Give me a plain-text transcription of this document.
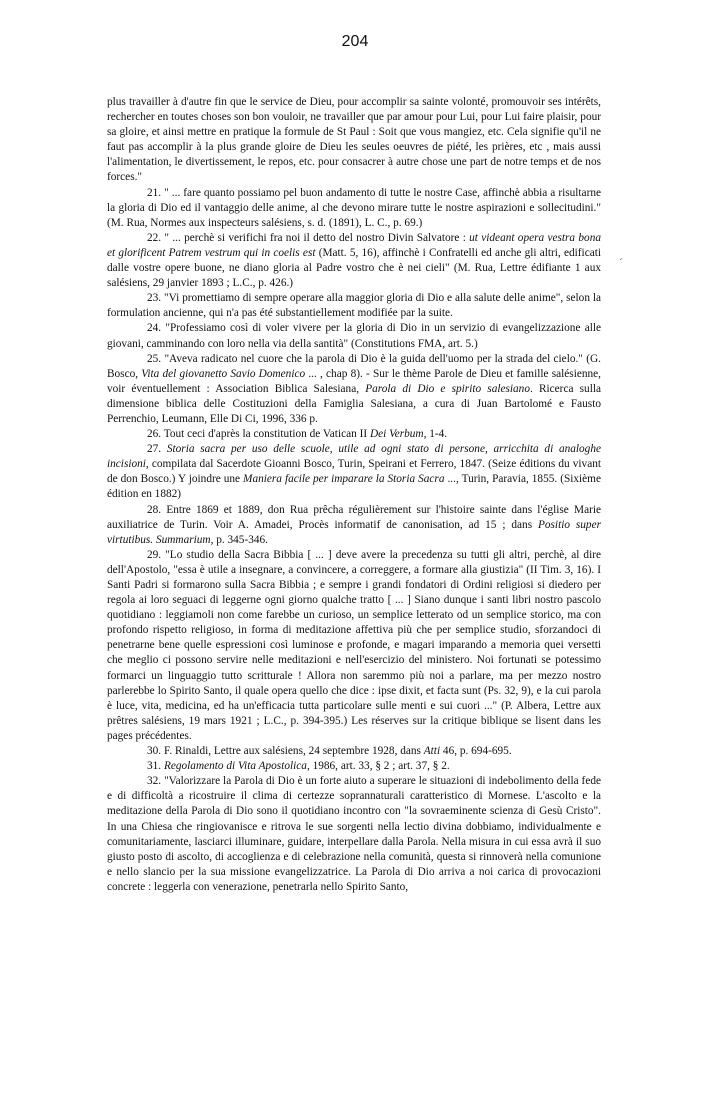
204
´

plus travailler à d'autre fin que le service de Dieu, pour accomplir sa sainte volonté, promouvoir ses intérêts, rechercher en toutes choses son bon vouloir, ne travailler que par amour pour Lui, pour Lui faire plaisir, pour sa gloire, et ainsi mettre en pratique la formule de St Paul : Soit que vous mangiez, etc. Cela signifie qu'il ne faut pas accomplir à la plus grande gloire de Dieu les seules oeuvres de piété, les prières, etc , mais aussi l'alimentation, le divertissement, le repos, etc. pour consacrer à autre chose une part de notre temps et de nos forces."

21. " ... fare quanto possiamo pel buon andamento di tutte le nostre Case, affinchè abbia a risultarne la gloria di Dio ed il vantaggio delle anime, al che devono mirare tutte le nostre aspirazioni e sollecitudini." (M. Rua, Normes aux inspecteurs salésiens, s. d. (1891), L. C., p. 69.)

22. " ... perchè si verifichi fra noi il detto del nostro Divin Salvatore : ut videant opera vestra bona et glorificent Patrem vestrum qui in coelis est (Matt. 5, 16), affinchè i Confratelli ed anche gli altri, edificati dalle vostre opere buone, ne diano gloria al Padre vostro che è nei cieli" (M. Rua, Lettre édifiante 1 aux salésiens, 29 janvier 1893 ; L.C., p. 426.)

23. "Vi promettiamo di sempre operare alla maggior gloria di Dio e alla salute delle anime", selon la formulation ancienne, qui n'a pas été substantiellement modifiée par la suite.

24. "Professiamo così di voler vivere per la gloria di Dio in un servizio di evangelizzazione alle giovani, camminando con loro nella via della santità" (Constitutions FMA, art. 5.)

25. "Aveva radicato nel cuore che la parola di Dio è la guida dell'uomo per la strada del cielo." (G. Bosco, Vita del giovanetto Savio Domenico ... , chap 8). - Sur le thème Parole de Dieu et famille salésienne, voir éventuellement : Association Biblica Salesiana, Parola di Dio e spirito salesiano. Ricerca sulla dimensione biblica delle Costituzioni della Famiglia Salesiana, a cura di Juan Bartolomé e Fausto Perrenchio, Leumann, Elle Di Ci, 1996, 336 p.

26. Tout ceci d'après la constitution de Vatican II Dei Verbum, 1-4.

27. Storia sacra per uso delle scuole, utile ad ogni stato di persone, arricchita di analoghe incisioni, compilata dal Sacerdote Gioanni Bosco, Turin, Speirani et Ferrero, 1847. (Seize éditions du vivant de don Bosco.) Y joindre une Maniera facile per imparare la Storia Sacra ..., Turin, Paravia, 1855. (Sixième édition en 1882)

28. Entre 1869 et 1889, don Rua prêcha régulièrement sur l'histoire sainte dans l'église Marie auxiliatrice de Turin. Voir A. Amadei, Procès informatif de canonisation, ad 15 ; dans Positio super virtutibus. Summarium, p. 345-346.

29. "Lo studio della Sacra Bibbia [ ... ] deve avere la precedenza su tutti gli altri, perchè, al dire dell'Apostolo, "essa è utile a insegnare, a convincere, a correggere, a formare alla giustizia" (II Tim. 3, 16). I Santi Padri si formarono sulla Sacra Bibbia ; e sempre i grandi fondatori di Ordini religiosi si diedero per regola ai loro seguaci di leggerne ogni giorno qualche tratto [ ... ] Siano dunque i santi libri nostro pascolo quotidiano : leggiamoli non come farebbe un curioso, un semplice letterato od un semplice storico, ma con profondo rispetto religioso, in forma di meditazione affettiva più che per semplice studio, sforzandoci di penetrarne bene quelle espressioni così luminose e profonde, e magari imparando a memoria quei versetti che meglio ci possono servire nelle meditazioni e nell'esercizio del ministero. Noi fortunati se potessimo formarci un linguaggio tutto scritturale ! Allora non saremmo più noi a parlare, ma per mezzo nostro parlerebbe lo Spirito Santo, il quale opera quello che dice : ipse dixit, et facta sunt (Ps. 32, 9), e la cui parola è luce, vita, medicina, ed ha un'efficacia tutta particolare sulle menti e sui cuori ..." (P. Albera, Lettre aux prêtres salésiens, 19 mars 1921 ; L.C., p. 394-395.) Les réserves sur la critique biblique se lisent dans les pages précédentes.

30. F. Rinaldi, Lettre aux salésiens, 24 septembre 1928, dans Atti 46, p. 694-695.

31. Regolamento di Vita Apostolica, 1986, art. 33, § 2 ; art. 37, § 2.

32. "Valorizzare la Parola di Dio è un forte aiuto a superare le situazioni di indebolimento della fede e di difficoltà a ricostruire il clima di certezze soprannaturali caratteristico di Mornese. L'ascolto e la meditazione della Parola di Dio sono il quotidiano incontro con "la sovraeminente scienza di Gesù Cristo". In una Chiesa che ringiovanisce e ritrova le sue sorgenti nella lectio divina dobbiamo, individualmente e comunitariamente, lasciarci illuminare, guidare, interpellare dalla Parola. Nella misura in cui essa avrà il suo giusto posto di ascolto, di accoglienza e di celebrazione nella comunità, questa si rinnoverà nella comunione e nello slancio per la sua missione evangelizzatrice. La Parola di Dio arriva a noi carica di provocazioni concrete : leggerla con venerazione, penetrarla nello Spirito Santo,
